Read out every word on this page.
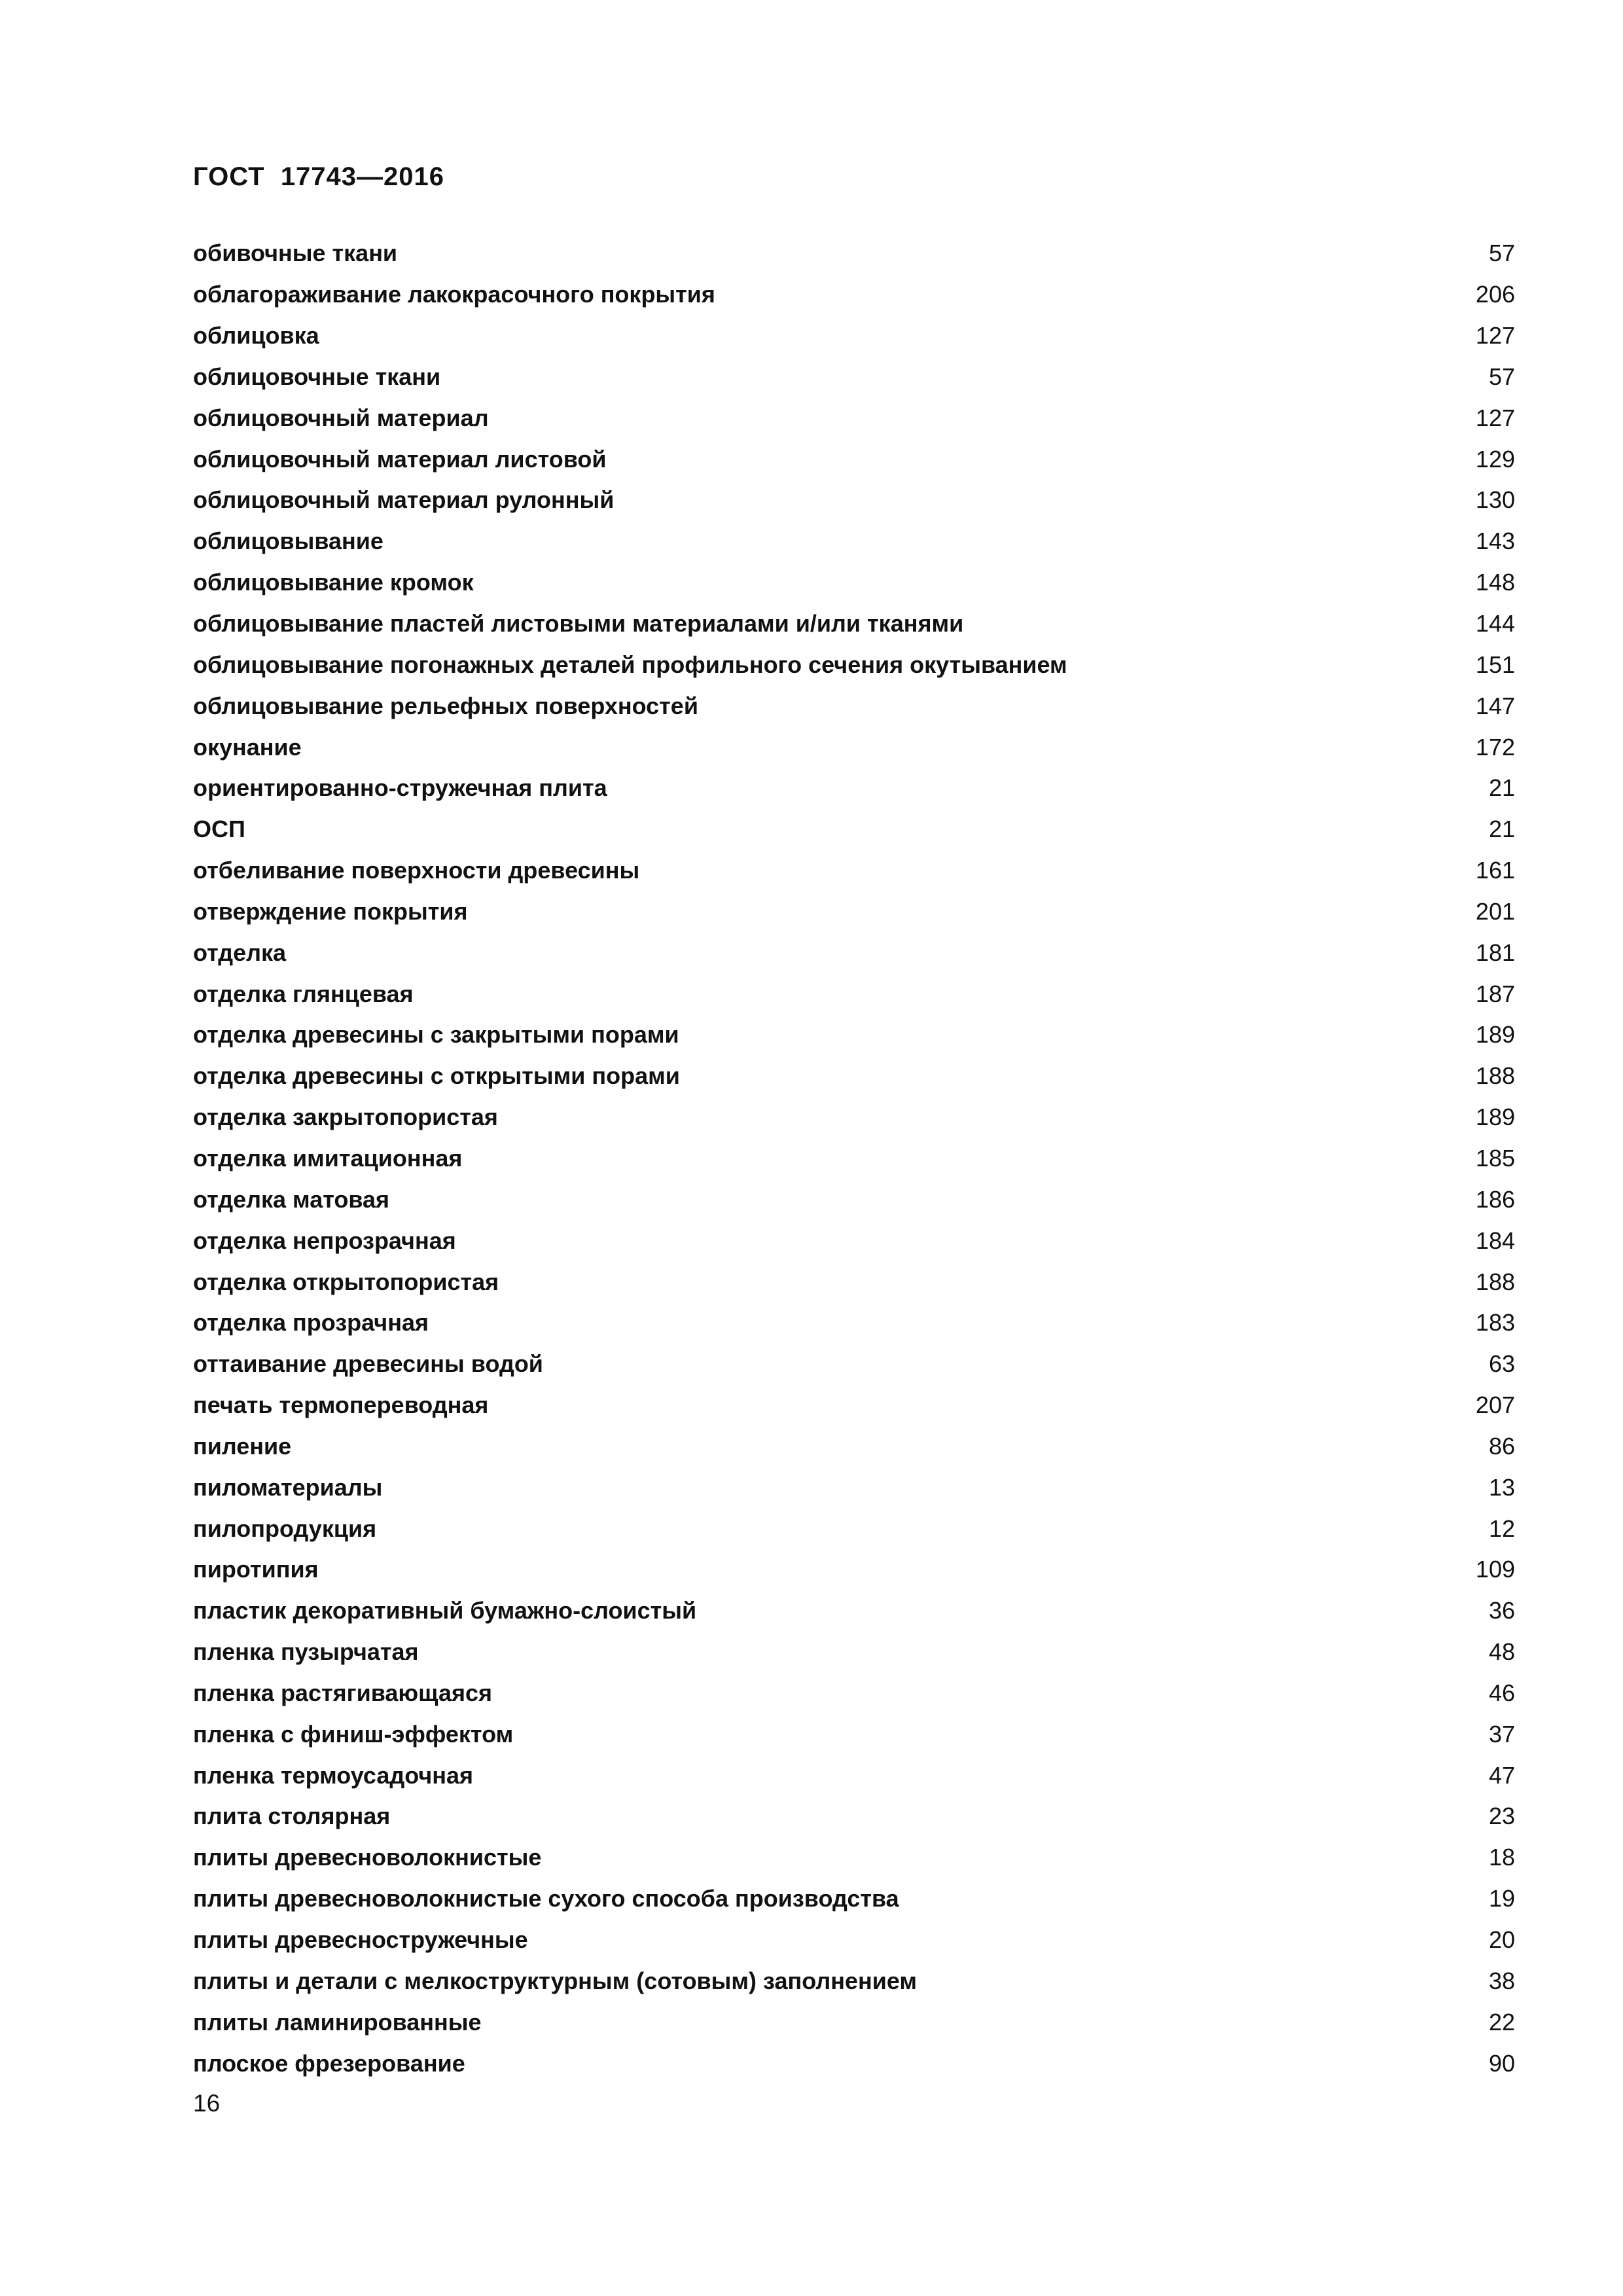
ГОСТ  17743—2016
обивочные ткани	57
облагораживание лакокрасочного покрытия	206
облицовка	127
облицовочные ткани	57
облицовочный материал	127
облицовочный материал листовой	129
облицовочный материал рулонный	130
облицовывание	143
облицовывание кромок	148
облицовывание пластей листовыми материалами и/или тканями	144
облицовывание погонажных деталей профильного сечения окутыванием	151
облицовывание рельефных поверхностей	147
окунание	172
ориентированно-стружечная плита	21
ОСП	21
отбеливание поверхности древесины	161
отверждение покрытия	201
отделка	181
отделка глянцевая	187
отделка древесины с закрытыми порами	189
отделка древесины с открытыми порами	188
отделка закрытопористая	189
отделка имитационная	185
отделка матовая	186
отделка непрозрачная	184
отделка открытопористая	188
отделка прозрачная	183
оттаивание древесины водой	63
печать термопереводная	207
пиление	86
пиломатериалы	13
пилопродукция	12
пиротипия	109
пластик декоративный бумажно-слоистый	36
пленка пузырчатая	48
пленка растягивающаяся	46
пленка с финиш-эффектом	37
пленка термоусадочная	47
плита столярная	23
плиты древесноволокнистые	18
плиты древесноволокнистые сухого способа производства	19
плиты древесностружечные	20
плиты и детали с мелкоструктурным (сотовым) заполнением	38
плиты ламинированные	22
плоское фрезерование	90
16
